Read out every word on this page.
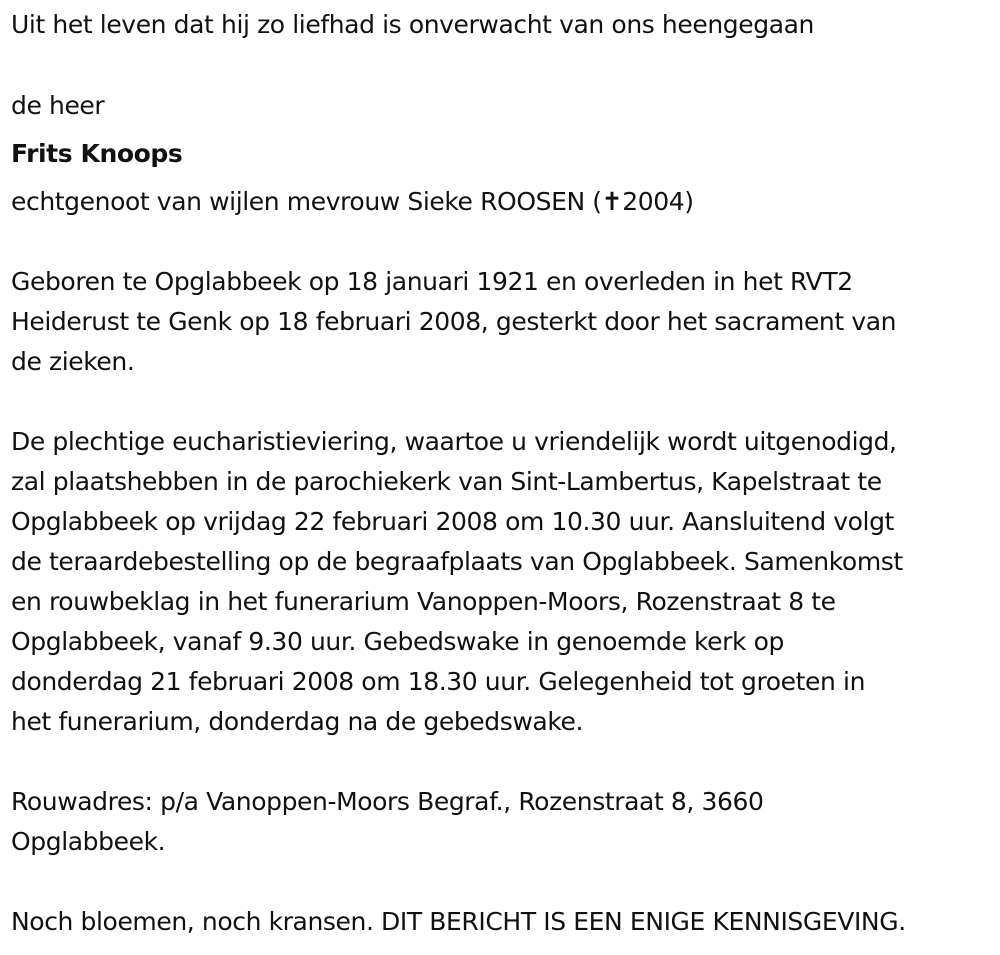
Uit het leven dat hij zo liefhad is onverwacht van ons heengegaan

de heer

Frits Knoops

echtgenoot van wijlen mevrouw Sieke ROOSEN (✝2004)

Geboren te Opglabbeek op 18 januari 1921 en overleden in het RVT2
Heiderust te Genk op 18 februari 2008, gesterkt door het sacrament van
de zieken.
De plechtige eucharistieviering, waartoe u vriendelijk wordt uitgenodigd,
zal plaatshebben in de parochiekerk van Sint-Lambertus, Kapelstraat te
Opglabbeek op vrijdag 22 februari 2008 om 10.30 uur. Aansluitend volgt
de teraardebestelling op de begraafplaats van Opglabbeek. Samenkomst
en rouwbeklag in het funerarium Vanoppen-Moors, Rozenstraat 8 te
Opglabbeek, vanaf 9.30 uur. Gebedswake in genoemde kerk op
donderdag 21 februari 2008 om 18.30 uur. Gelegenheid tot groeten in
het funerarium, donderdag na de gebedswake.
Rouwadres: p/a Vanoppen-Moors Begraf., Rozenstraat 8, 3660
Opglabbeek.

Noch bloemen, noch kransen. DIT BERICHT IS EEN ENIGE KENNISGEVING.
